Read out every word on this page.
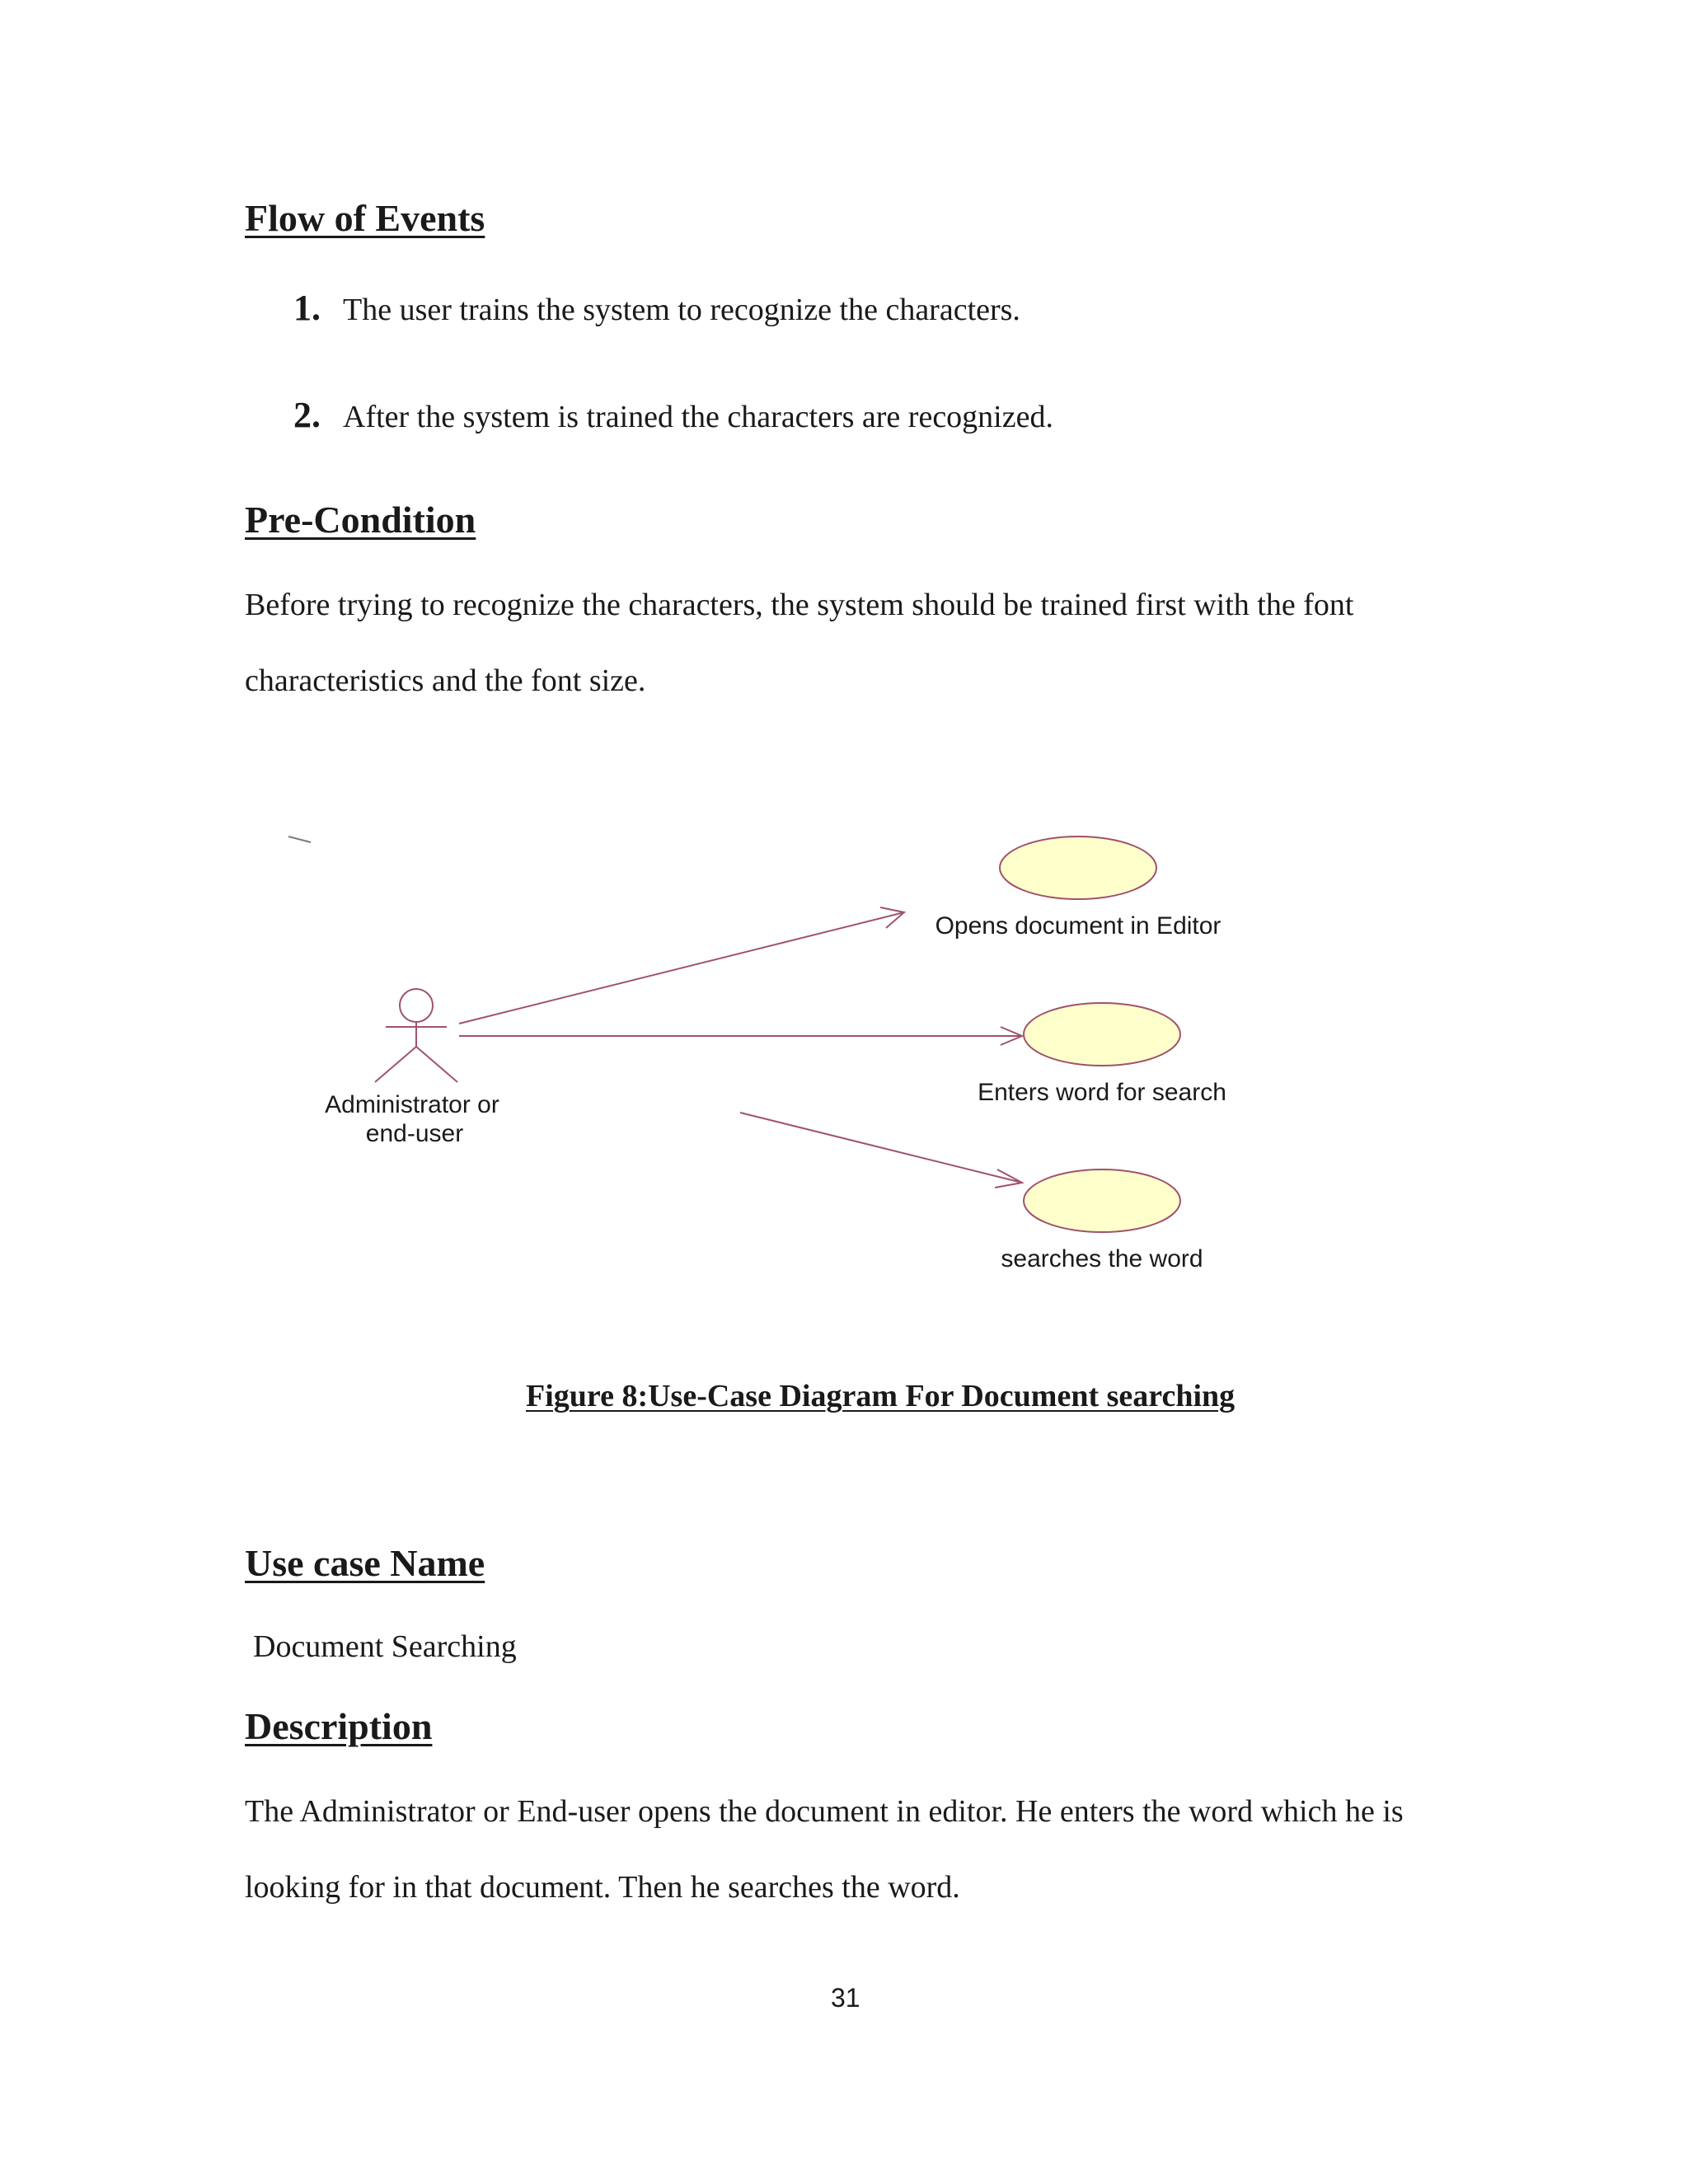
Flow of Events
1. The user trains the system to recognize the characters.
2. After the system is trained the characters are recognized.
Pre-Condition

Before trying to recognize the characters, the system should be trained first with the font characteristics and the font size.

Opens document in Editor
Enters word for search
searches the word
Administrator or
end-user
Figure 8:Use-Case Diagram For Document searching
Use case Name

Document Searching

Description

The Administrator or End-user opens the document in editor. He enters the word which he is looking for in that document. Then he searches the word.

31
